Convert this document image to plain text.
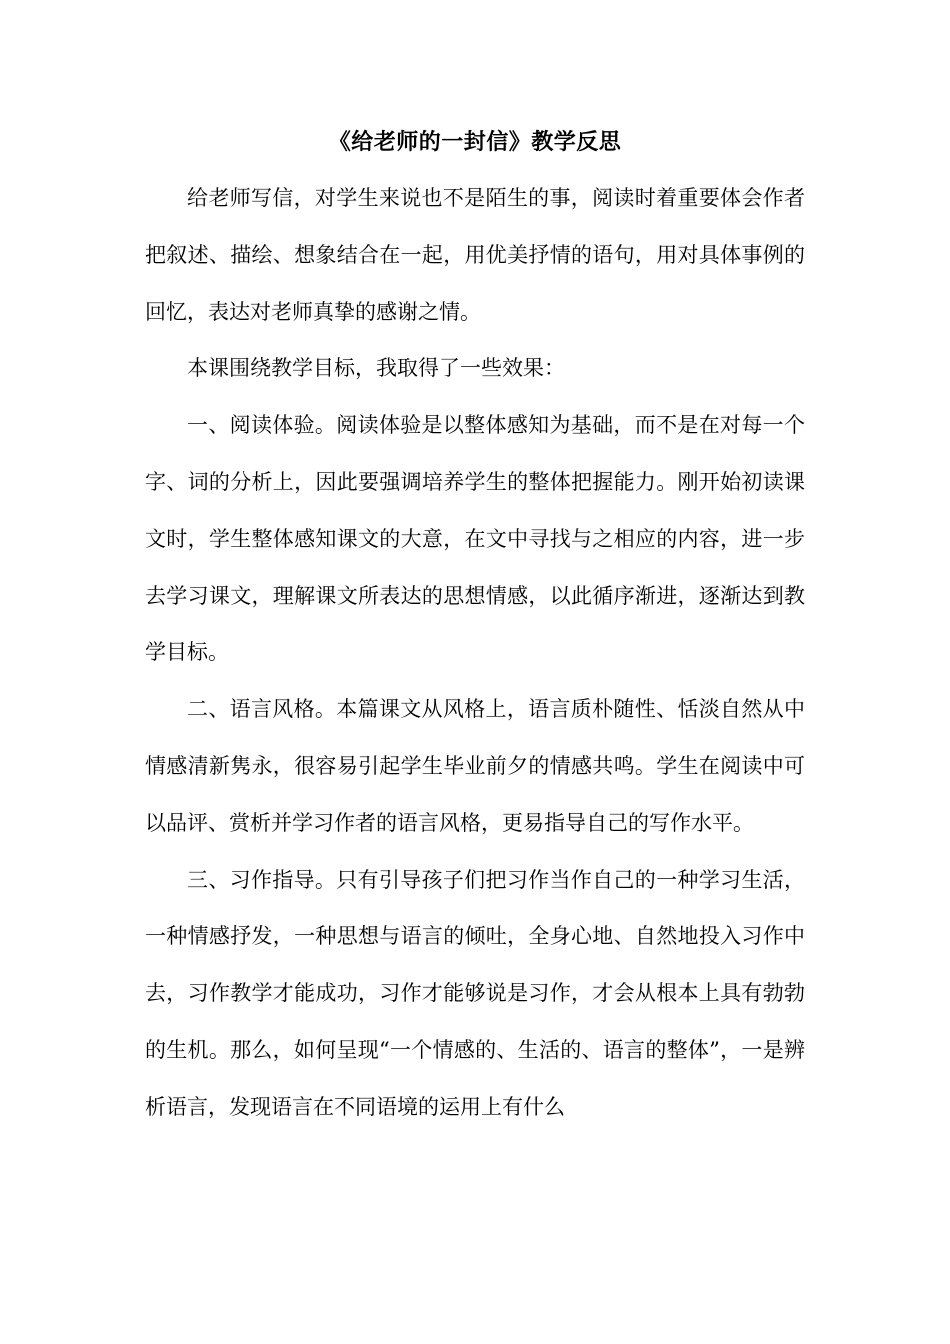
《给老师的一封信》教学反思

给老师写信，对学生来说也不是陌生的事，阅读时着重要体会作者把叙述、描绘、想象结合在一起，用优美抒情的语句，用对具体事例的回忆，表达对老师真挚的感谢之情。

本课围绕教学目标，我取得了一些效果：

一、阅读体验。阅读体验是以整体感知为基础，而不是在对每一个字、词的分析上，因此要强调培养学生的整体把握能力。刚开始初读课文时，学生整体感知课文的大意，在文中寻找与之相应的内容，进一步去学习课文，理解课文所表达的思想情感，以此循序渐进，逐渐达到教学目标。

二、语言风格。本篇课文从风格上，语言质朴随性、恬淡自然从中情感清新隽永，很容易引起学生毕业前夕的情感共鸣。学生在阅读中可以品评、赏析并学习作者的语言风格，更易指导自己的写作水平。

三、习作指导。只有引导孩子们把习作当作自己的一种学习生活，一种情感抒发，一种思想与语言的倾吐，全身心地、自然地投入习作中去，习作教学才能成功，习作才能够说是习作，才会从根本上具有勃勃的生机。那么，如何呈现“一个情感的、生活的、语言的整体”，一是辨析语言，发现语言在不同语境的运用上有什么
